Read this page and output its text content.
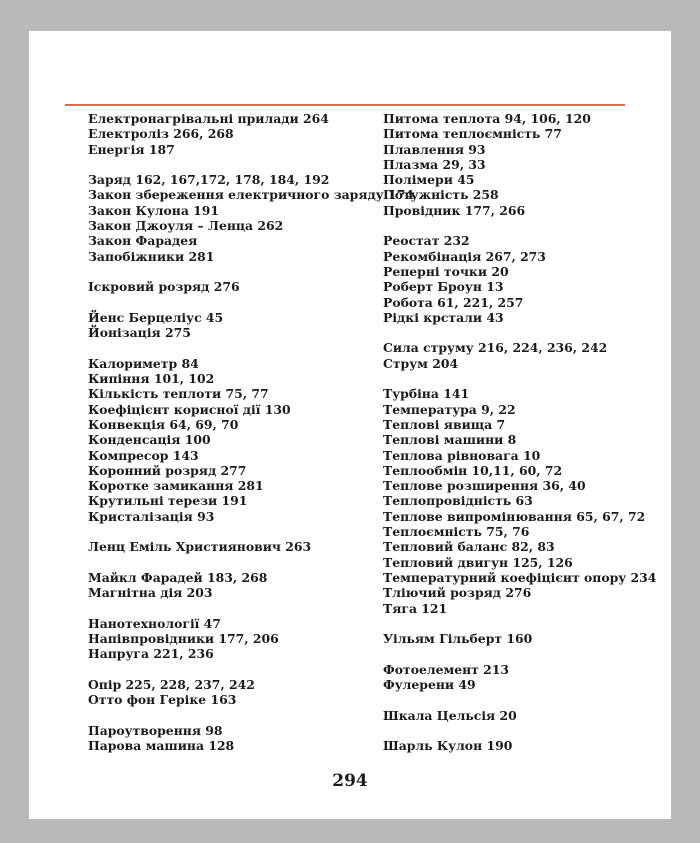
Електронагрівальні прилади 264
Електроліз 266, 268
Енергія 187
Заряд 162, 167,172, 178, 184, 192
Закон збереження електричного заряду 174
Закон Кулона 191
Закон Джоуля – Ленца 262
Закон Фарадея
Запобіжники 281
Іскровий розряд 276
Йенс Берцеліус 45
Йонізація 275
Калориметр 84
Кипіння 101, 102
Кількість теплоти 75, 77
Коефіцієнт корисної дії 130
Конвекція 64, 69, 70
Конденсація 100
Компресор 143
Коронний розряд 277
Коротке замикання 281
Крутильні терези 191
Кристалізація 93
Ленц Еміль Християнович 263
Майкл Фарадей 183, 268
Магнітна дія 203
Нанотехнології 47
Напівпровідники 177, 206
Напруга 221, 236
Опір 225, 228, 237, 242
Отто фон Геріке 163
Пароутворення 98
Парова машина 128
Питома теплота 94, 106, 120
Питома теплоємність 77
Плавлення 93
Плазма 29, 33
Полімери 45
Потужність 258
Провідник 177, 266
Реостат 232
Рекомбінація 267, 273
Реперні точки 20
Роберт Броун 13
Робота 61, 221, 257
Рідкі крстали 43
Сила струму 216, 224, 236, 242
Струм 204
Турбіна 141
Температура 9, 22
Теплові явища 7
Теплові машини 8
Теплова рівновага 10
Теплообмін 10,11, 60, 72
Теплове розширення 36, 40
Теплопровідність 63
Теплове випромінювання 65, 67, 72
Теплоємність 75, 76
Тепловий баланс 82, 83
Тепловий двигун 125, 126
Температурний коефіцієнт опору 234
Тліючий розряд 276
Тяга 121
Уільям Гільберт 160
Фотоелемент 213
Фулерени 49
Шкала Цельсія 20
Шарль Кулон 190
294
